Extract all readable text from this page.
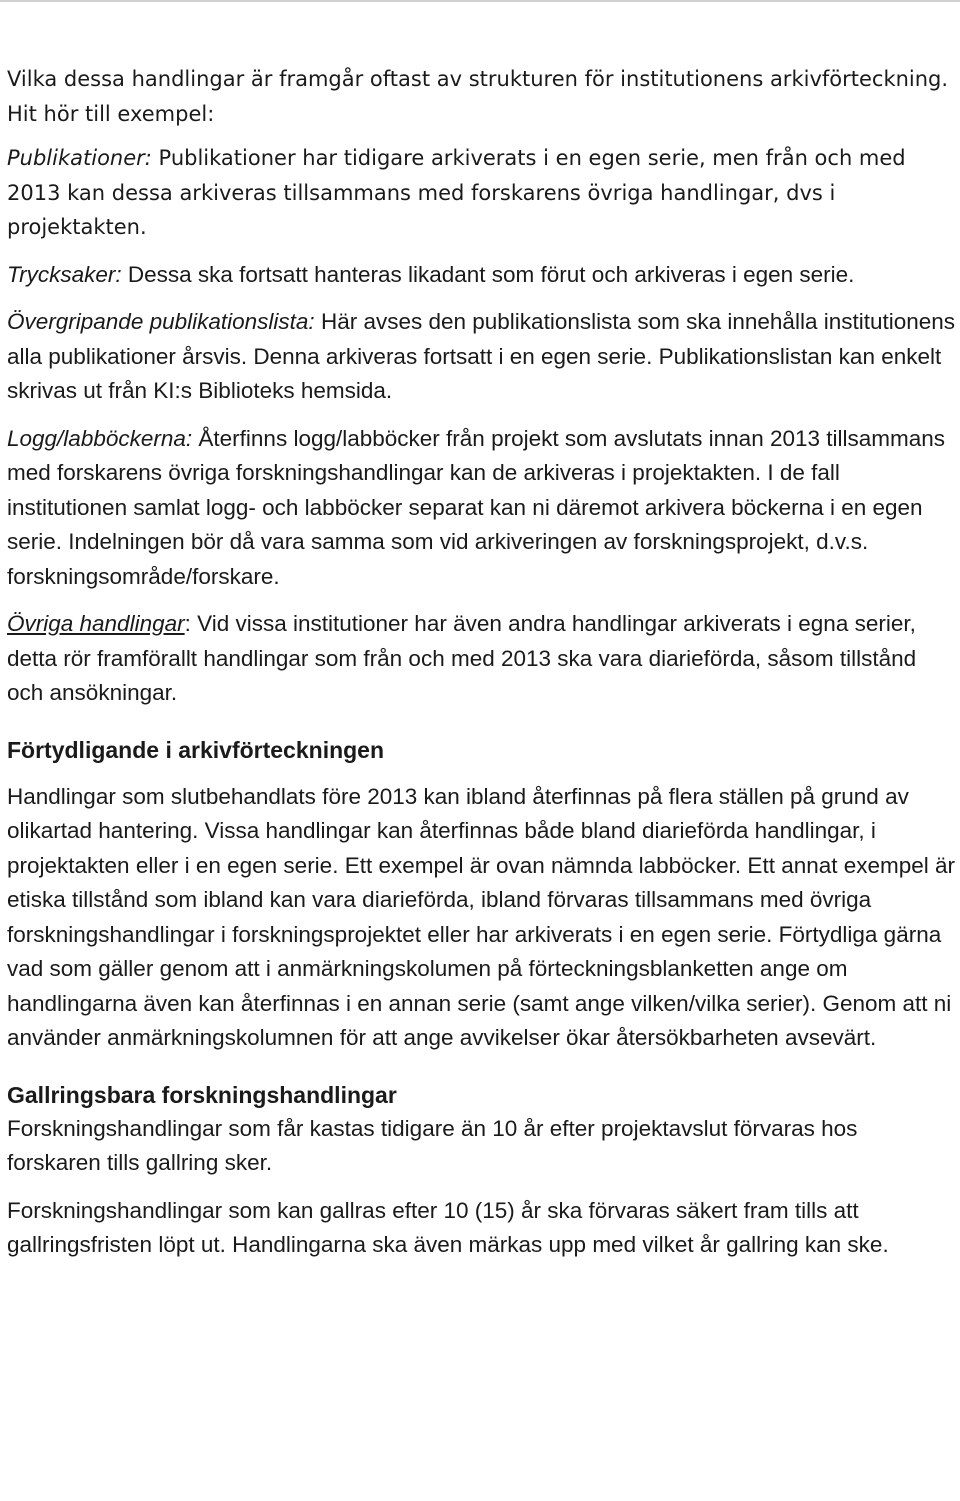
Vilka dessa handlingar är framgår oftast av strukturen för institutionens arkivförteckning. Hit hör till exempel:

Publikationer: Publikationer har tidigare arkiverats i en egen serie, men från och med 2013 kan dessa arkiveras tillsammans med forskarens övriga handlingar, dvs i projektakten.

Trycksaker: Dessa ska fortsatt hanteras likadant som förut och arkiveras i egen serie.

Övergripande publikationslista: Här avses den publikationslista som ska innehålla institutionens alla publikationer årsvis. Denna arkiveras fortsatt i en egen serie. Publikationslistan kan enkelt skrivas ut från KI:s Biblioteks hemsida.

Logg/labböckerna: Återfinns logg/labböcker från projekt som avslutats innan 2013 tillsammans med forskarens övriga forskningshandlingar kan de arkiveras i projektakten. I de fall institutionen samlat logg- och labböcker separat kan ni däremot arkivera böckerna i en egen serie. Indelningen bör då vara samma som vid arkiveringen av forskningsprojekt, d.v.s. forskningsområde/forskare.

Övriga handlingar: Vid vissa institutioner har även andra handlingar arkiverats i egna serier, detta rör framförallt handlingar som från och med 2013 ska vara diarieförda, såsom tillstånd och ansökningar.

Förtydligande i arkivförteckningen

Handlingar som slutbehandlats före 2013 kan ibland återfinnas på flera ställen på grund av olikartad hantering. Vissa handlingar kan återfinnas både bland diarieförda handlingar, i projektakten eller i en egen serie. Ett exempel är ovan nämnda labböcker. Ett annat exempel är etiska tillstånd som ibland kan vara diarieförda, ibland förvaras tillsammans med övriga forskningshandlingar i forskningsprojektet eller har arkiverats i en egen serie. Förtydliga gärna vad som gäller genom att i anmärkningskolumen på förteckningsblanketten ange om handlingarna även kan återfinnas i en annan serie (samt ange vilken/vilka serier). Genom att ni använder anmärkningskolumnen för att ange avvikelser ökar återsökbarheten avsevärt.

Gallringsbara forskningshandlingar

Forskningshandlingar som får kastas tidigare än 10 år efter projektavslut förvaras hos forskaren tills gallring sker.

Forskningshandlingar som kan gallras efter 10 (15) år ska förvaras säkert fram tills att gallringsfristen löpt ut. Handlingarna ska även märkas upp med vilket år gallring kan ske.
